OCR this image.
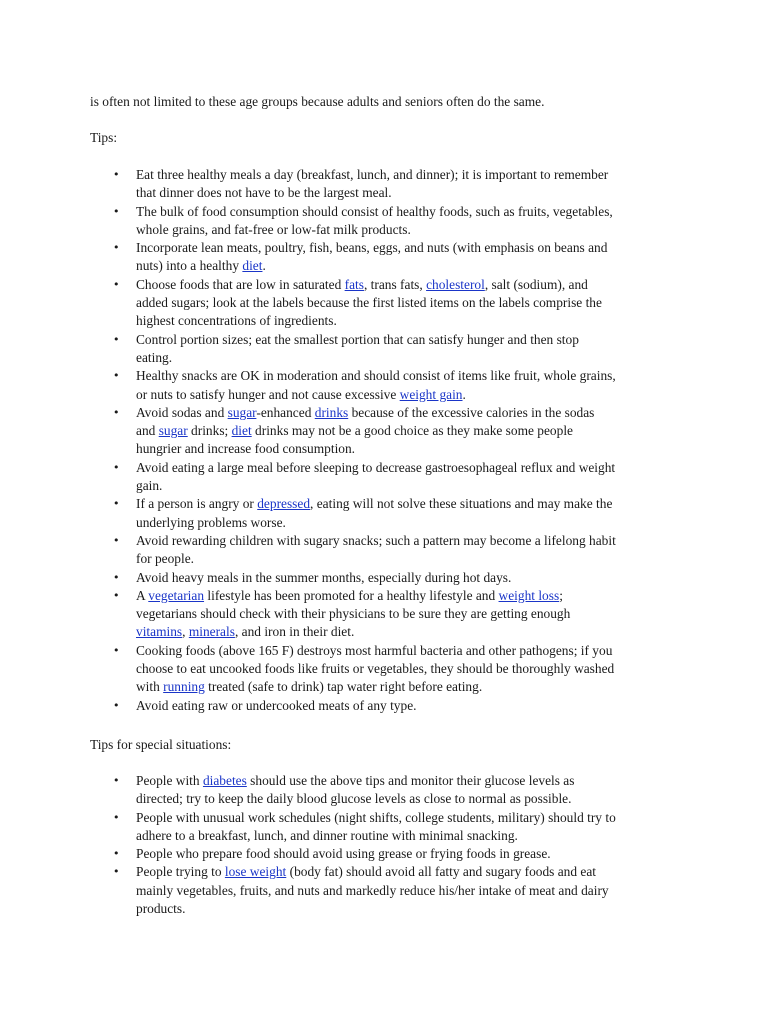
is often not limited to these age groups because adults and seniors often do the same.

Tips:

• Eat three healthy meals a day (breakfast, lunch, and dinner); it is important to remember
that dinner does not have to be the largest meal.
• The bulk of food consumption should consist of healthy foods, such as fruits, vegetables,
whole grains, and fat-free or low-fat milk products.
• Incorporate lean meats, poultry, fish, beans, eggs, and nuts (with emphasis on beans and
nuts) into a healthy diet.
• Choose foods that are low in saturated fats, trans fats, cholesterol, salt (sodium), and
added sugars; look at the labels because the first listed items on the labels comprise the
highest concentrations of ingredients.
• Control portion sizes; eat the smallest portion that can satisfy hunger and then stop
eating.
• Healthy snacks are OK in moderation and should consist of items like fruit, whole grains,
or nuts to satisfy hunger and not cause excessive weight gain.
• Avoid sodas and sugar-enhanced drinks because of the excessive calories in the sodas
and sugar drinks; diet drinks may not be a good choice as they make some people
hungrier and increase food consumption.
• Avoid eating a large meal before sleeping to decrease gastroesophageal reflux and weight
gain.
• If a person is angry or depressed, eating will not solve these situations and may make the
underlying problems worse.
• Avoid rewarding children with sugary snacks; such a pattern may become a lifelong habit
for people.
• Avoid heavy meals in the summer months, especially during hot days.
• A vegetarian lifestyle has been promoted for a healthy lifestyle and weight loss;
vegetarians should check with their physicians to be sure they are getting enough
vitamins, minerals, and iron in their diet.
• Cooking foods (above 165 F) destroys most harmful bacteria and other pathogens; if you
choose to eat uncooked foods like fruits or vegetables, they should be thoroughly washed
with running treated (safe to drink) tap water right before eating.
• Avoid eating raw or undercooked meats of any type.

Tips for special situations:

• People with diabetes should use the above tips and monitor their glucose levels as
directed; try to keep the daily blood glucose levels as close to normal as possible.
• People with unusual work schedules (night shifts, college students, military) should try to
adhere to a breakfast, lunch, and dinner routine with minimal snacking.
• People who prepare food should avoid using grease or frying foods in grease.
• People trying to lose weight (body fat) should avoid all fatty and sugary foods and eat
mainly vegetables, fruits, and nuts and markedly reduce his/her intake of meat and dairy
products.
